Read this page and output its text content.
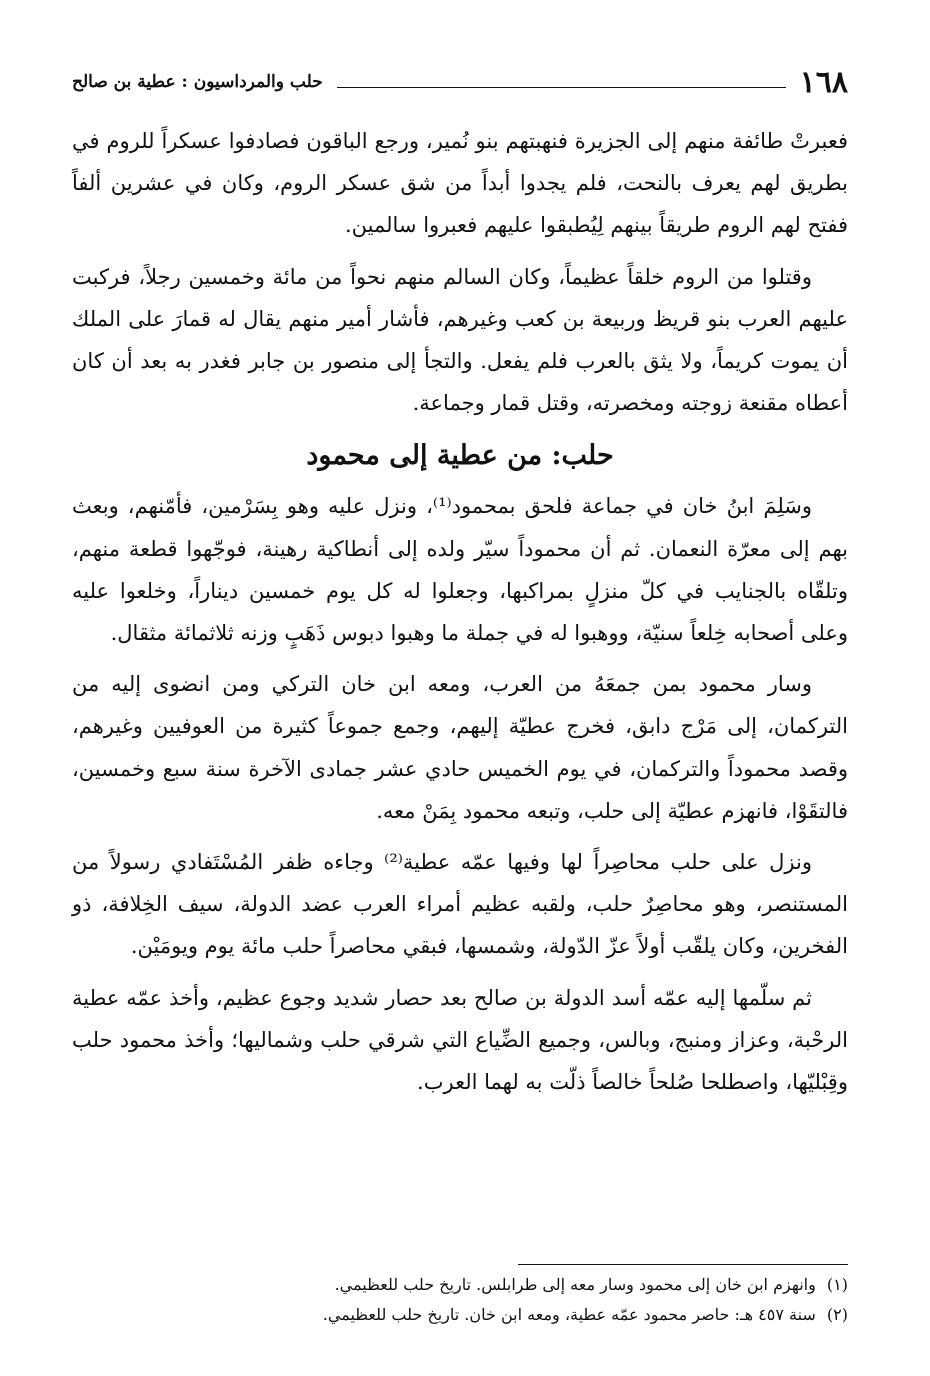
١٦٨
حلب والمرداسيون : عطية بن صالح

فعبرتْ طائفة منهم إلى الجزيرة فنهبتهم بنو نُمير، ورجع الباقون فصادفوا عسكراً للروم في بطريق لهم يعرف بالنحت، فلم يجدوا أبداً من شق عسكر الروم، وكان في عشرين ألفاً ففتح لهم الروم طريقاً بينهم لِيُطبقوا عليهم فعبروا سالمين.

وقتلوا من الروم خلقاً عظيماً، وكان السالم منهم نحواً من مائة وخمسين رجلاً، فركبت عليهم العرب بنو قريظ وربيعة بن كعب وغيرهم، فأشار أمير منهم يقال له قمارَ على الملك أن يموت كريماً، ولا يثق بالعرب فلم يفعل. والتجأ إلى منصور بن جابر فغدر به بعد أن كان أعطاه مقنعة زوجته ومخصرته، وقتل قمار وجماعة.

حلب: من عطية إلى محمود

وسَلِمَ ابنُ خان في جماعة فلحق بمحمود⁽¹⁾، ونزل عليه وهو بِسَرْمين، فأمّنهم، وبعث بهم إلى معرّة النعمان. ثم أن محموداً سيّر ولده إلى أنطاكية رهينة، فوجّهوا قطعة منهم، وتلقّاه بالجنايب في كلّ منزلٍ بمراكبها، وجعلوا له كل يوم خمسين ديناراً، وخلعوا عليه وعلى أصحابه خِلعاً سنيّة، ووهبوا له في جملة ما وهبوا دبوس ذَهَبٍ وزنه ثلاثمائة مثقال.

وسار محمود بمن جمعَهُ من العرب، ومعه ابن خان التركي ومن انضوى إليه من التركمان، إلى مَرْج دابق، فخرج عطيّة إليهم، وجمع جموعاً كثيرة من العوفيين وغيرهم، وقصد محموداً والتركمان، في يوم الخميس حادي عشر جمادى الآخرة سنة سبع وخمسين، فالتقَوْا، فانهزم عطيّة إلى حلب، وتبعه محمود بِمَنْ معه.

ونزل على حلب محاصِراً لها وفيها عمّه عطية⁽²⁾ وجاءه ظفر المُسْتَفادي رسولاً من المستنصر، وهو محاصِرٌ حلب، ولقبه عظيم أمراء العرب عضد الدولة، سيف الخِلافة، ذو الفخرين، وكان يلقّب أولاً عزّ الدّولة، وشمسها، فبقي محاصراً حلب مائة يوم ويومَيْن.

ثم سلّمها إليه عمّه أسد الدولة بن صالح بعد حصار شديد وجوع عظيم، وأخذ عمّه عطية الرحْبة، وعزاز ومنبج، وبالس، وجميع الضِّياع التي شرقي حلب وشماليها؛ وأخذ محمود حلب وقِبْليّها، واصطلحا صُلحاً خالصاً ذلّت به لهما العرب.

(١) وانهزم ابن خان إلى محمود وسار معه إلى طرابلس. تاريخ حلب للعظيمي.
(٢) سنة ٤٥٧ هـ: حاصر محمود عمّه عطية، ومعه ابن خان. تاريخ حلب للعظيمي.
